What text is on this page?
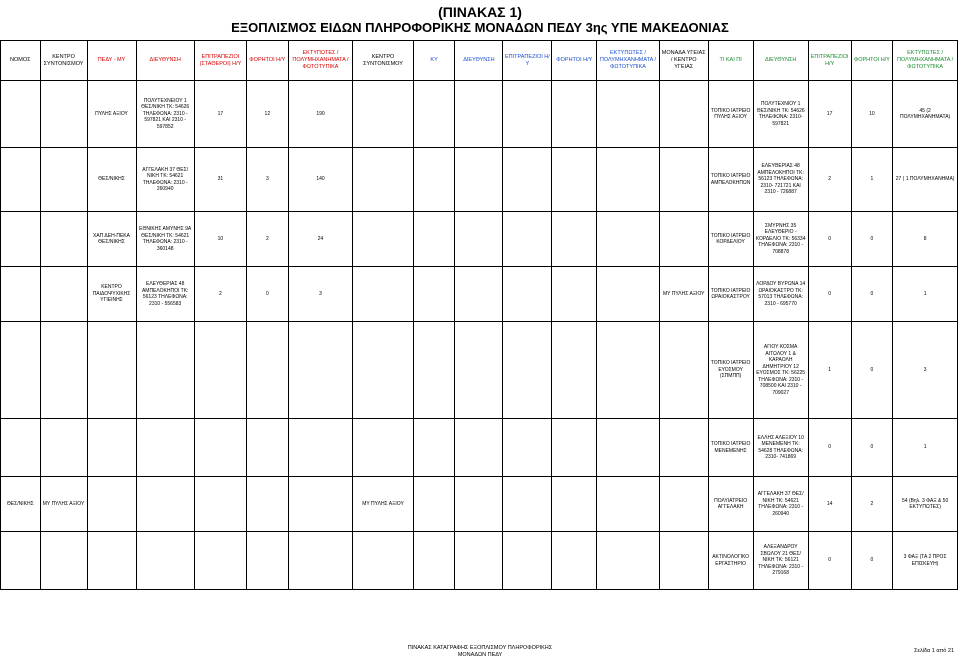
(ΠΙΝΑΚΑΣ 1)
ΕΞΟΠΛΙΣΜΟΣ ΕΙΔΩΝ ΠΛΗΡΟΦΟΡΙΚΗΣ ΜΟΝΑΔΩΝ ΠΕΔΥ 3ης ΥΠΕ ΜΑΚΕΔΟΝΙΑΣ
ΝΟΜΟΣ	ΚΕΝΤΡΟ ΣΥΝΤΟΝΙΣΜΟΥ	ΠΕΔΥ - ΜΥ	ΔΙΕΥΘΥΝΣΗ	ΕΠΙΤΡΑΠΕΖΙΟΙ (ΣΤΑΘΕΡΟΙ) Η/Υ	ΦΟΡΗΤΟΙ Η/Υ	ΕΚΤΥΠΩΤΕΣ / ΠΟΛΥΜΗΧΑΝΗΜΑΤΑ / ΦΩΤΟΤΥΠΙΚΑ	ΚΕΝΤΡΟ ΣΥΝΤΟΝΙΣΜΟΥ	ΚΥ	ΔΙΕΥΘΥΝΣΗ	ΕΠΙΤΡΑΠΕΖΙΟΙ Η/Υ	ΦΟΡΗΤΟΙ Η/Υ	ΕΚΤΥΠΩΤΕΣ / ΠΟΛΥΜΗΧΑΝΗΜΑΤΑ / ΦΩΤΟΤΥΠΙΚΑ	ΜΟΝΑΔΑ ΥΓΕΙΑΣ / ΚΕΝΤΡΟ ΥΓΕΙΑΣ	ΤΙ ΚΑΙ ΠΙ	ΔΙΕΥΘΥΝΣΗ	ΕΠΙΤΡΑΠΕΖΙΟΙ Η/Υ	ΦΟΡΗΤΟΙ Η/Υ	ΕΚΤΥΠΩΤΕΣ / ΠΟΛΥΜΗΧΑΝΗΜΑΤΑ / ΦΩΤΟΤΥΠΙΚΑ
		ΠΥΛΗΣ ΑΞΙΟΥ	ΠΟΛΥΤΕΧΝΕΙΟΥ 1 ΘΕΣ/ΝΙΚΗ ΤΚ: 54626 ΤΗΛΕΦΩΝΑ: 2310 - 597821 ΚΑΙ 2310 - 597852	17	12	190								ΤΟΠΙΚΟ ΙΑΤΡΕΙΟ ΠΥΛΗΣ ΑΞΙΟΥ	ΠΟΛΥΤΕΧΝΙΟΥ 1 ΘΕΣ/ΝΙΚΗ ΤΚ: 54626 ΤΗΛΕΦΩΝΑ: 2310- 597821	17	10	45 (2 ΠΟΛΥΜΗΧΑΝΗΜΑΤΑ)
		ΘΕΣ/ΝΙΚΗΣ	ΑΓΓΕΛΑΚΗ 37 ΘΕΣ/ΝΙΚΗ ΤΚ: 54621 ΤΗΛΕΦΩΝΑ: 2310 - 260940	31	3	140								ΤΟΠΙΚΟ ΙΑΤΡΕΙΟ ΑΜΠΕΛΟΚΗΠΩΝ	ΕΛΕΥΘΕΡΙΑΣ 48 ΑΜΠΕΛΟΚΗΠΟΙ ΤΚ: 56123 ΤΗΛΕΦΩΝΑ: 2310- 721721 ΚΑΙ 2310 - 726887	2	1	27 ( 1 ΠΟΛΥΜΗΧΑΝΗΜΑ)
		ΧΑΠ ΔΕΗ-ΠΕΚΑ ΘΕΣ/ΝΙΚΗΣ	ΕΘΝΙΚΗΣ ΑΜΥΝΗΣ 9Α ΘΕΣ/ΝΙΚΗ ΤΚ: 54621 ΤΗΛΕΦΩΝΑ: 2310 - 360148	10	2	24								ΤΟΠΙΚΟ ΙΑΤΡΕΙΟ ΚΟΡΔΕΛΙΟΥ	ΣΜΥΡΝΗΣ 35 ΕΛΕΥΘΕΡΙΟ - ΚΟΡΔΕΛΙΟ ΤΚ: 56334 ΤΗΛΕΦΩΝΑ: 2310 - 708878	0	0	8
		ΚΕΝΤΡΟ ΠΑΙΔΟΨΥΧΙΚΗΣ ΥΓΙΕΙΝΗΣ	ΕΛΕΥΘΕΡΙΑΣ 48 ΑΜΠΕΛΟΚΗΠΟΙ ΤΚ: 56123 ΤΗΛΕΦΩΝΑ: 2310 - 556583	2	0	3							ΜΥ ΠΥΛΗΣ ΑΞΙΟΥ	ΤΟΠΙΚΟ ΙΑΤΡΕΙΟ ΩΡΑΙΟΚΑΣΤΡΟΥ	ΛΟΡΔΟΥ ΒΥΡΩΝΑ 14 ΩΡΑΙΟΚΑΣΤΡΟ ΤΚ: 57013 ΤΗΛΕΦΩΝΑ: 2310 - 695770	0	0	1
														ΤΟΠΙΚΟ ΙΑΤΡΕΙΟ ΕΥΟΣΜΟΥ (ΣΠΜΠΠ)	ΑΓΙΟΥ ΚΟΣΜΑ ΑΙΤΩΛΟΥ 1 & ΚΑΡΑΟΛΗ ΔΗΜΗΤΡΙΟΥ 12 ΕΥΟΣΜΟΣ ΤΚ: 56225 ΤΗΛΕΦΩΝΑ: 2310 - 708500 ΚΑΙ 2310 - 709027	1	0	3
														ΤΟΠΙΚΟ ΙΑΤΡΕΙΟ ΜΕΝΕΜΕΝΗΣ	ΕΛΛΗΣ ΑΛΕΞΙΟΥ 10 ΜΕΝΕΜΕΝΗ ΤΚ: 54628 ΤΗΛΕΦΩΝΑ: 2310- 741869	0	0	1
ΘΕΣ/ΝΙΚΗΣ	ΜΥ ΠΥΛΗΣ ΑΞΙΟΥ						ΜΥ ΠΥΛΗΣ ΑΞΙΟΥ							ΠΟΛΥΙΑΤΡΕΙΟ ΑΓΓΕΛΑΚΗ	ΑΓΓΕΛΑΚΗ 37 ΘΕΣ/ΝΙΚΗ ΤΚ: 54621 ΤΗΛΕΦΩΝΑ: 2310 - 260940	14	2	54 (Βηλ. 3 ΦΑΞ & 50 ΕΚΤΥΠΩΤΕΣ)
														ΑΚΤΙΝΟΛΟΓΙΚΟ ΕΡΓΑΣΤΗΡΙΟ	ΑΛΕΞΑΝΔΡΟΥ ΣΒΩΛΟΥ 21 ΘΕΣ/ΝΙΚΗ ΤΚ: 56121 ΤΗΛΕΦΩΝΑ: 2310 - 279168	0	0	3 ΦΑΞ (ΤΑ 2 ΠΡΟΣ ΕΠΙΣΚΕΥΗ)
ΠΙΝΑΚΑΣ ΚΑΤΑΓΡΑΦΗΣ ΕΞΟΠΛΙΣΜΟΥ ΠΛΗΡΟΦΟΡΙΚΗΣ
ΜΟΝΑΔΩΝ ΠΕΔΥ
Σελίδα 1 από 21
